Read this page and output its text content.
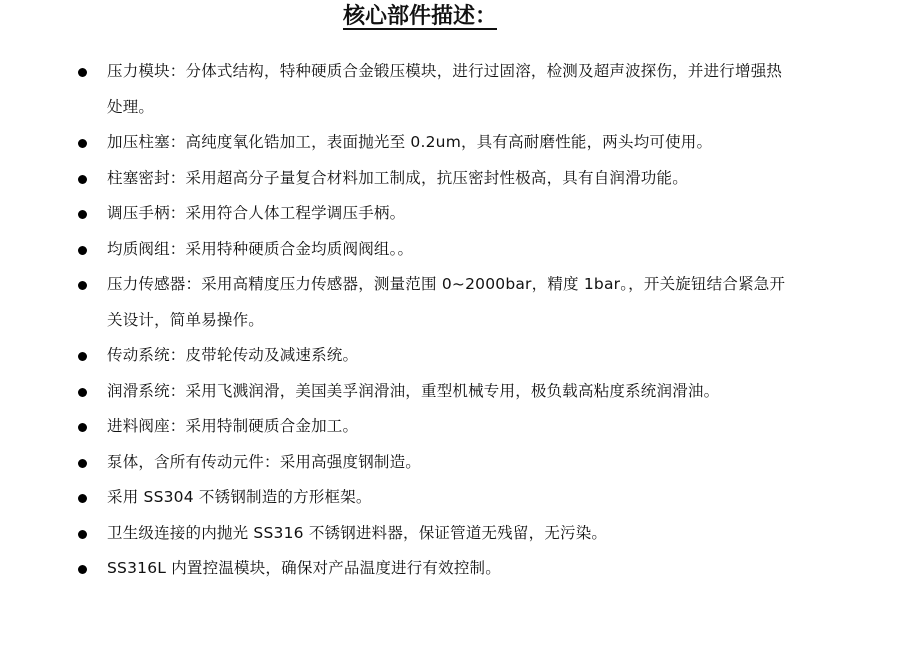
核心部件描述：
压力模块：分体式结构，特种硬质合金锻压模块，进行过固溶，检测及超声波探伤，并进行增强热处理。
加压柱塞：高纯度氧化锆加工，表面抛光至 0.2um，具有高耐磨性能，两头均可使用。
柱塞密封：采用超高分子量复合材料加工制成，抗压密封性极高，具有自润滑功能。
调压手柄：采用符合人体工程学调压手柄。
均质阀组：采用特种硬质合金均质阀阀组。。
压力传感器：采用高精度压力传感器，测量范围 0~2000bar，精度 1bar。，开关旋钮结合紧急开关设计，简单易操作。
传动系统：皮带轮传动及减速系统。
润滑系统：采用飞溅润滑，美国美孚润滑油，重型机械专用，极负载高粘度系统润滑油。
进料阀座：采用特制硬质合金加工。
泵体，含所有传动元件：采用高强度钢制造。
采用 SS304 不锈钢制造的方形框架。
卫生级连接的内抛光 SS316 不锈钢进料器，保证管道无残留，无污染。
SS316L 内置控温模块，确保对产品温度进行有效控制。
